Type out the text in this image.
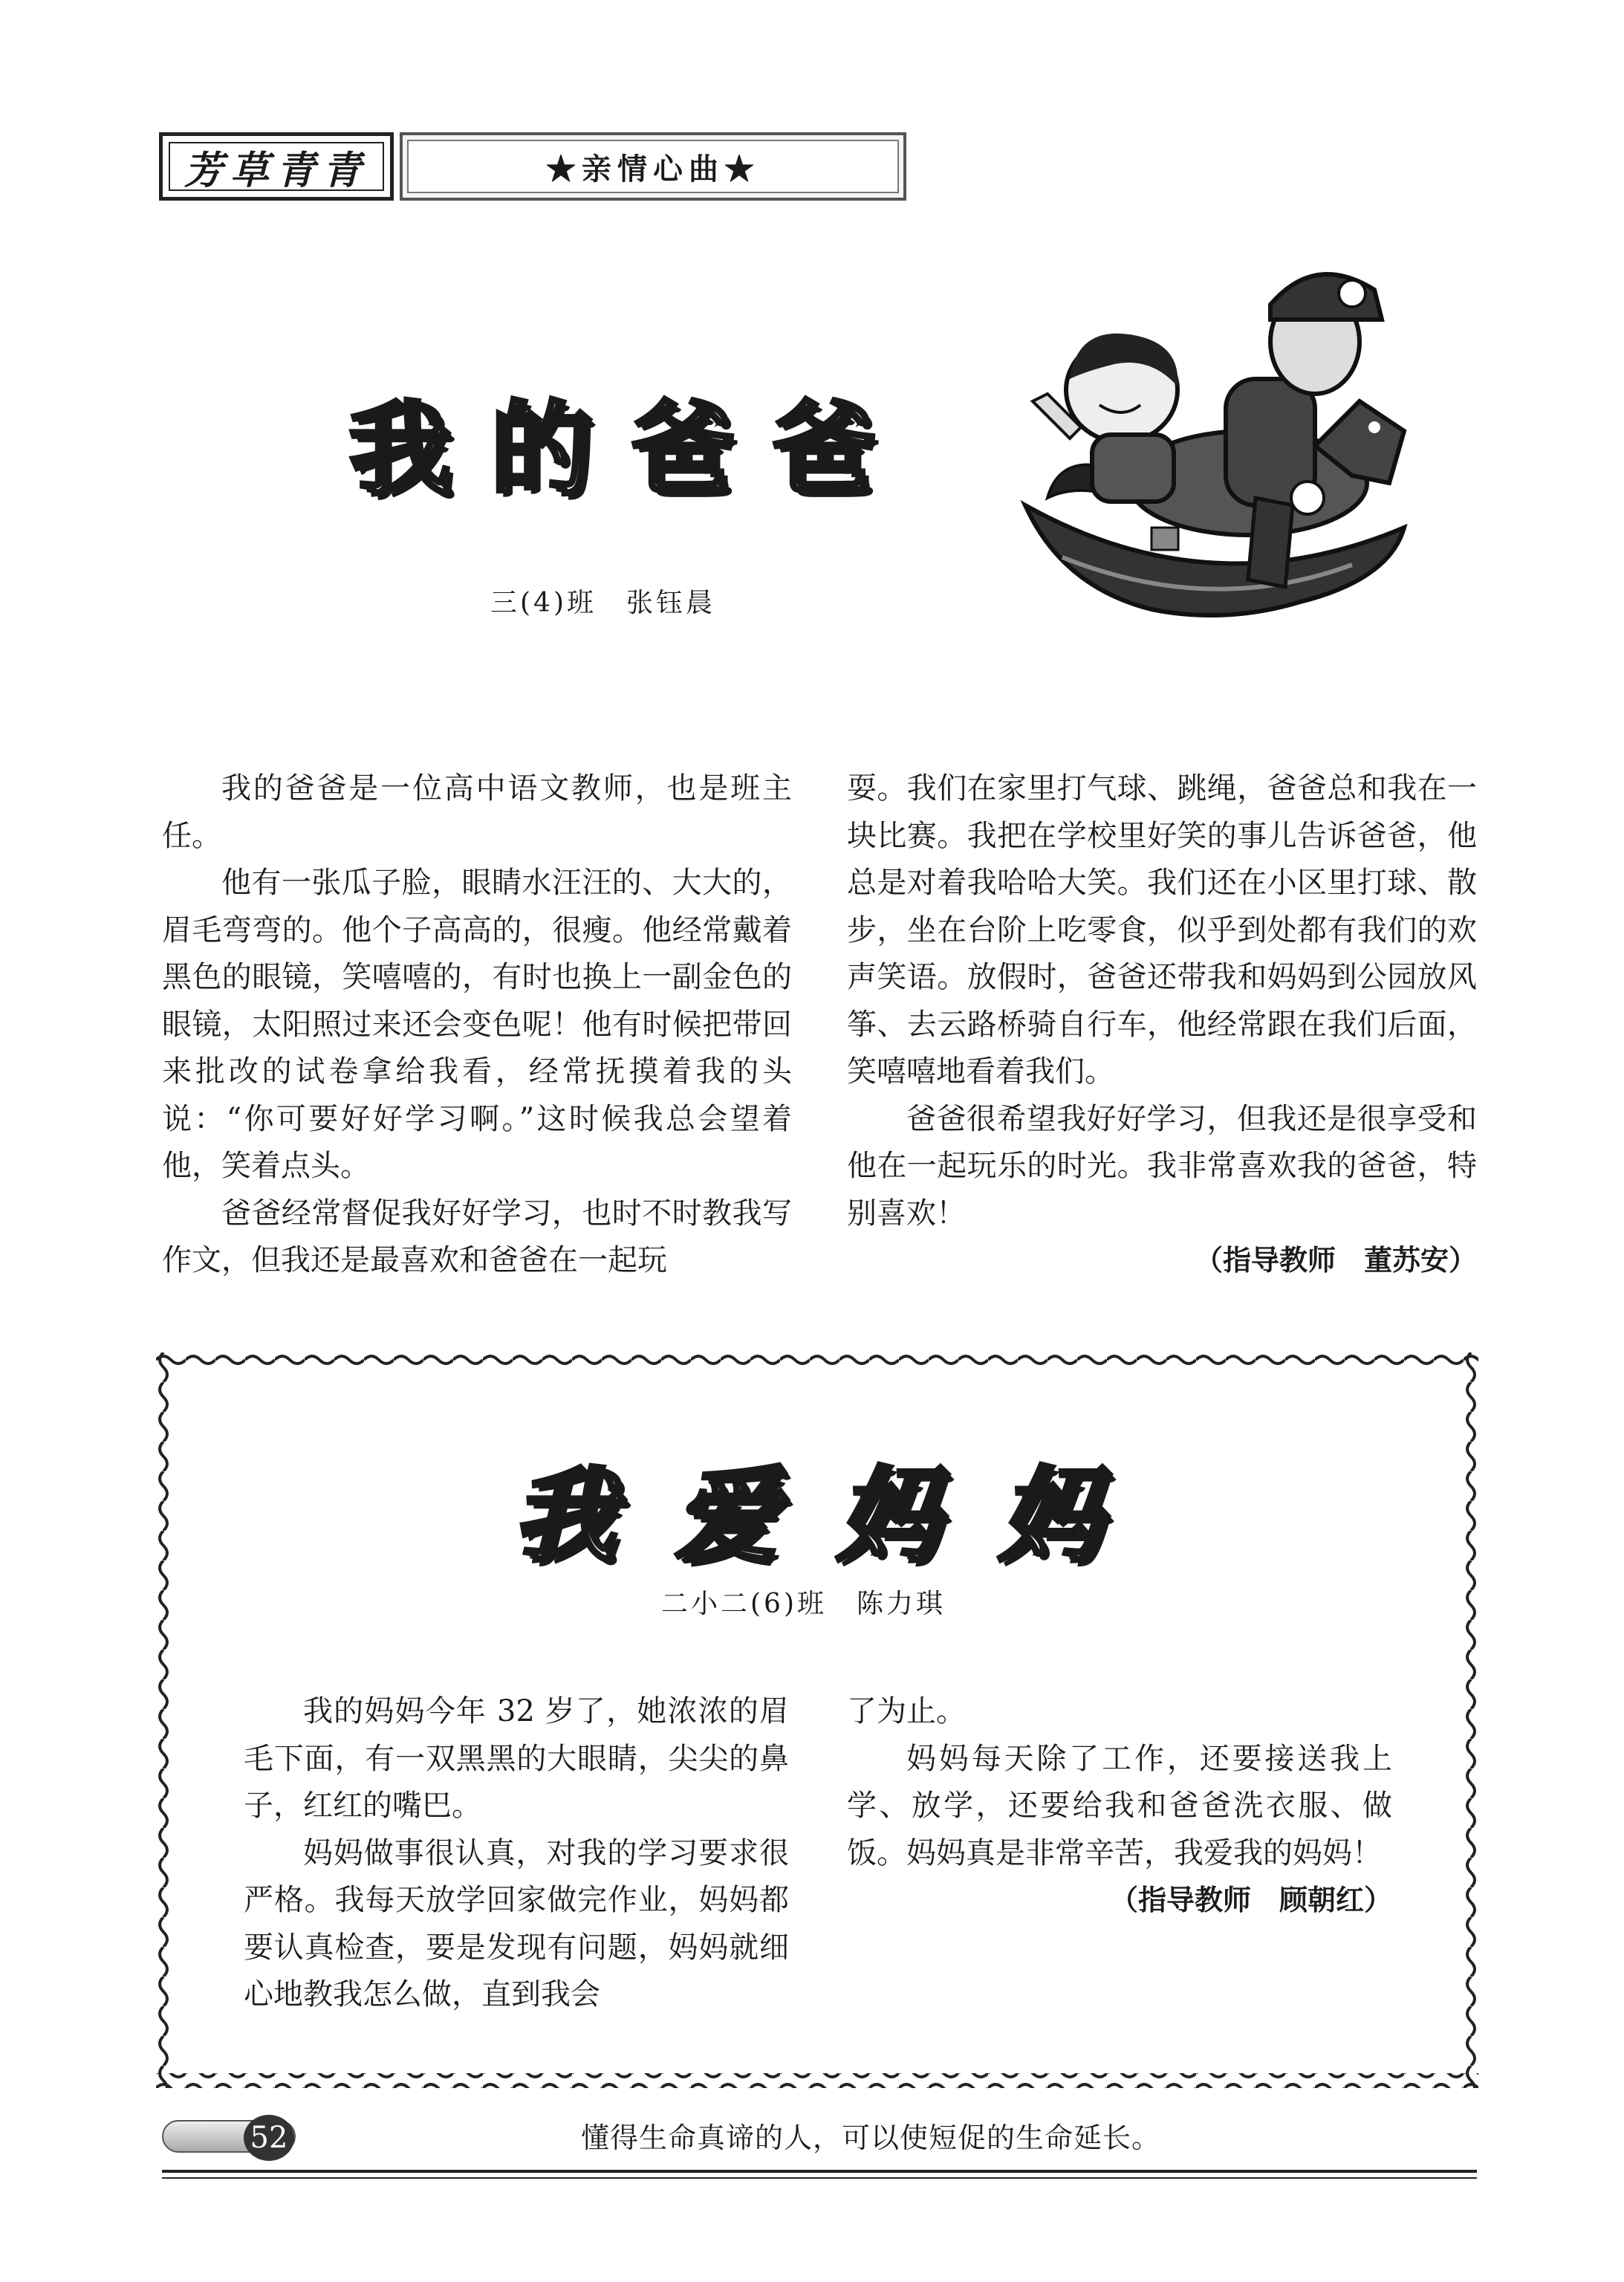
芳草青青	★亲情心曲★
我的爸爸
三(4)班　张钰晨

我的爸爸是一位高中语文教师，也是班主任。

他有一张瓜子脸，眼睛水汪汪的、大大的，眉毛弯弯的。他个子高高的，很瘦。他经常戴着黑色的眼镜，笑嘻嘻的，有时也换上一副金色的眼镜，太阳照过来还会变色呢！他有时候把带回来批改的试卷拿给我看，经常抚摸着我的头说：“你可要好好学习啊。”这时候我总会望着他，笑着点头。

爸爸经常督促我好好学习，也时不时教我写作文，但我还是最喜欢和爸爸在一起玩

耍。我们在家里打气球、跳绳，爸爸总和我在一块比赛。我把在学校里好笑的事儿告诉爸爸，他总是对着我哈哈大笑。我们还在小区里打球、散步，坐在台阶上吃零食，似乎到处都有我们的欢声笑语。放假时，爸爸还带我和妈妈到公园放风筝、去云路桥骑自行车，他经常跟在我们后面，笑嘻嘻地看着我们。

爸爸很希望我好好学习，但我还是很享受和他在一起玩乐的时光。我非常喜欢我的爸爸，特别喜欢！

（指导教师　董苏安）

我爱妈妈
二小二(6)班　陈力琪

我的妈妈今年 32 岁了，她浓浓的眉毛下面，有一双黑黑的大眼睛，尖尖的鼻子，红红的嘴巴。

妈妈做事很认真，对我的学习要求很严格。我每天放学回家做完作业，妈妈都要认真检查，要是发现有问题，妈妈就细心地教我怎么做，直到我会

了为止。

妈妈每天除了工作，还要接送我上学、放学，还要给我和爸爸洗衣服、做饭。妈妈真是非常辛苦，我爱我的妈妈！

（指导教师　顾朝红）

52	懂得生命真谛的人，可以使短促的生命延长。
